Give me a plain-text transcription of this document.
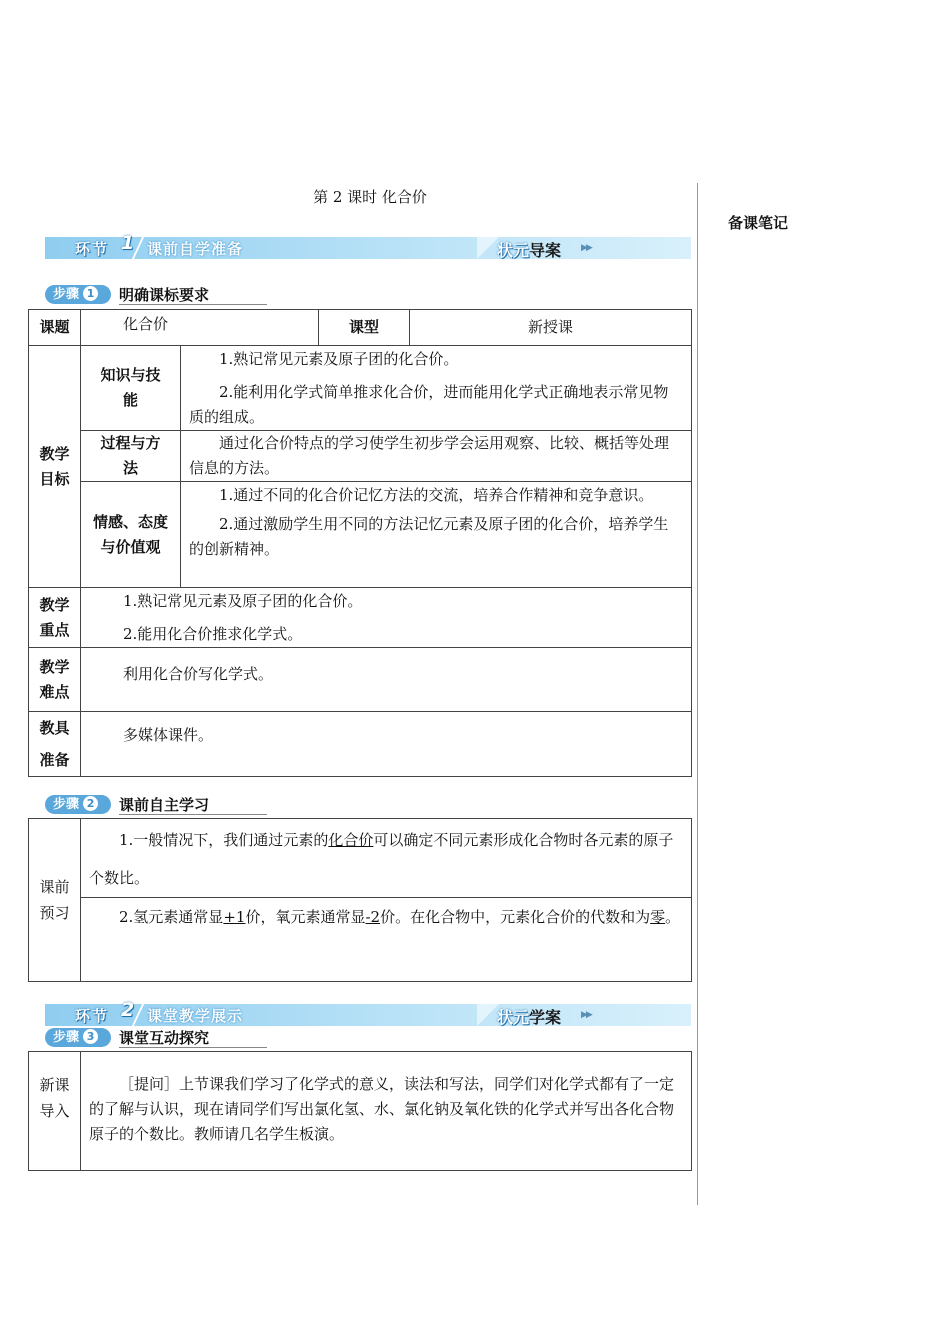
第 2 课时 化合价
备课笔记
环节 1 课前自学准备	状元导案 ▶▶
步骤 1	明确课标要求
课题	化合价		课型	新授课
教学目标	知识与技能	1.熟记常见元素及原子团的化合价。

2.能利用化学式简单推求化合价，进而能用化学式正确地表示常见物质的组成。		

	过程与方法	通过化合价特点的学习使学生初步学会运用观察、比较、概括等处理信息的方法。		

	情感、态度与价值观	1.通过不同的化合价记忆方法的交流，培养合作精神和竞争意识。

2.通过激励学生用不同的方法记忆元素及原子团的化合价，培养学生的创新精神。		

教学重点	1.熟记常见元素及原子团的化合价。

2.能用化合价推求化学式。			

教学难点	利用化合价写化学式。			

教具准备	多媒体课件。			

步骤 2	课前自主学习
课前预习	

1.一般情况下，我们通过元素的化合价可以确定不同元素形成化合物时各元素的原子个数比。

2.氢元素通常显+1价，氧元素通常显-2价。在化合物中，元素化合价的代数和为零。

环节 2 课堂教学展示	状元学案 ▶▶
步骤 3	课堂互动探究
新课导入	

［提问］上节课我们学习了化学式的意义，读法和写法，同学们对化学式都有了一定的了解与认识，现在请同学们写出氯化氢、水、氯化钠及氧化铁的化学式并写出各化合物原子的个数比。教师请几名学生板演。
